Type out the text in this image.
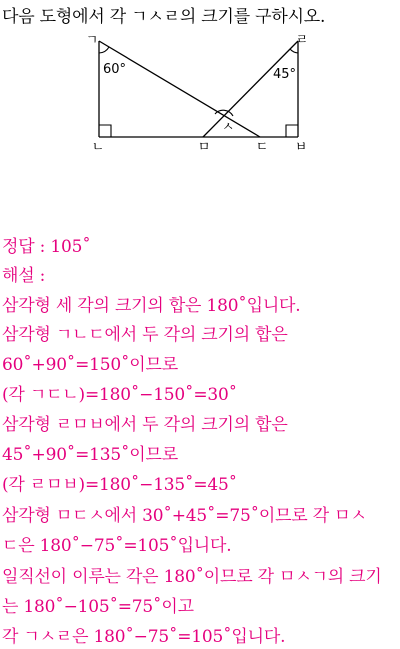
다음 도형에서 각 ㄱㅅㄹ의 크기를 구하시오.
ㄱ	ㄹ
ㄴ	ㅁ	ㄷ ㅂ
ㅅ
60°	45°
정답 : 105˚
해설 :
삼각형 세 각의 크기의 합은 180˚입니다.
삼각형 ㄱㄴㄷ에서 두 각의 크기의 합은
60˚+90˚=150˚이므로
(각 ㄱㄷㄴ)=180˚−150˚=30˚
삼각형 ㄹㅁㅂ에서 두 각의 크기의 합은
45˚+90˚=135˚이므로
(각 ㄹㅁㅂ)=180˚−135˚=45˚
삼각형 ㅁㄷㅅ에서 30˚+45˚=75˚이므로 각 ㅁㅅ
ㄷ은 180˚−75˚=105˚입니다.
일직선이 이루는 각은 180˚이므로 각 ㅁㅅㄱ의 크기
는 180˚−105˚=75˚이고
각 ㄱㅅㄹ은 180˚−75˚=105˚입니다.
